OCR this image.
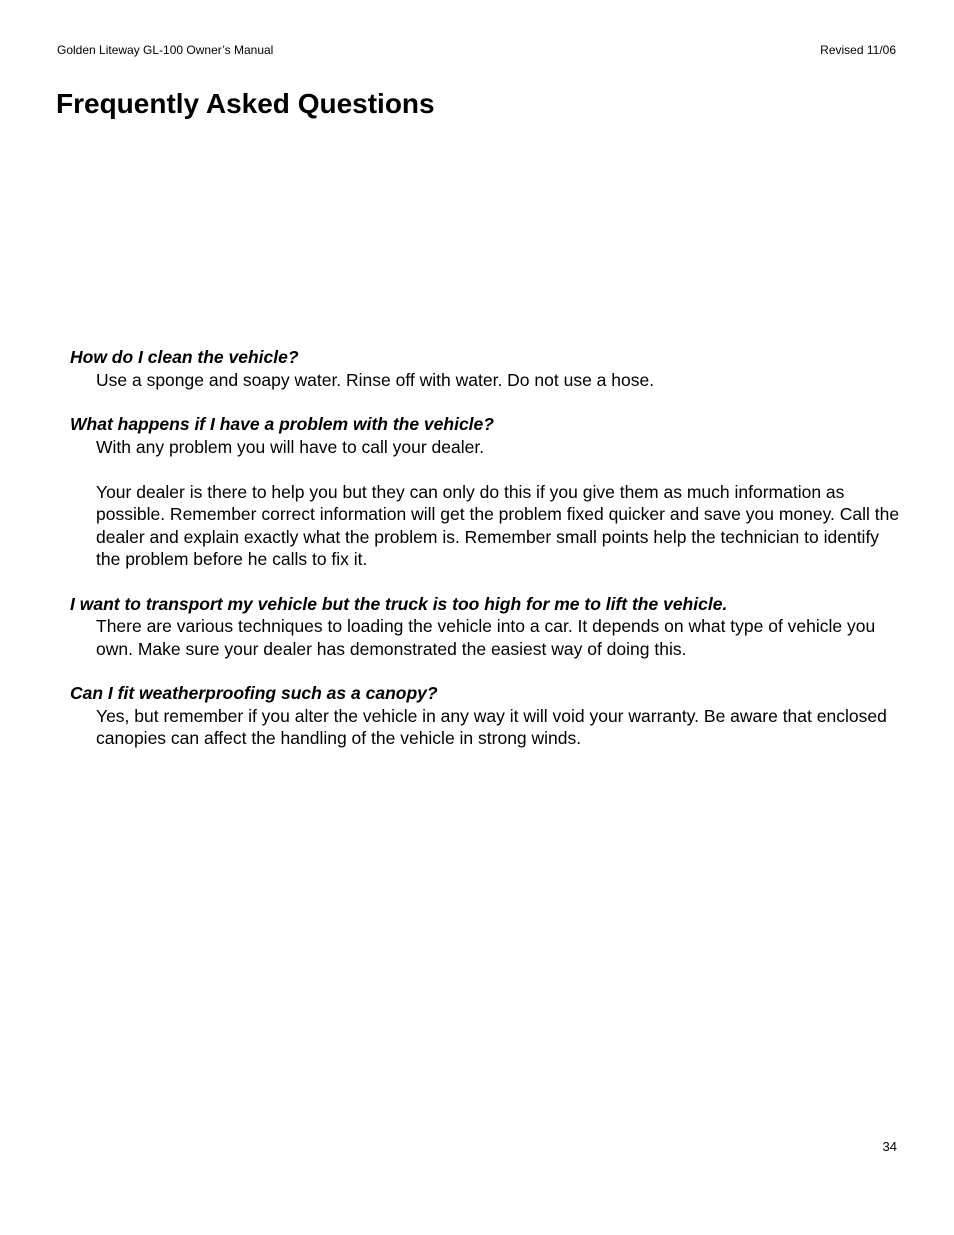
Golden Liteway GL-100 Owner’s Manual	Revised 11/06
Frequently Asked Questions
How do I clean the vehicle?

Use a sponge and soapy water. Rinse off with water. Do not use a hose.

What happens if I have a problem with the vehicle?

With any problem you will have to call your dealer.

Your dealer is there to help you but they can only do this if you give them as much information as possible. Remember correct information will get the problem fixed quicker and save you money. Call the dealer and explain exactly what the problem is. Remember small points help the technician to identify the problem before he calls to fix it.

I want to transport my vehicle but the truck is too high for me to lift the vehicle.

There are various techniques to loading the vehicle into a car. It depends on what type of vehicle you own. Make sure your dealer has demonstrated the easiest way of doing this.

Can I fit weatherproofing such as a canopy?

Yes, but remember if you alter the vehicle in any way it will void your warranty. Be aware that enclosed canopies can affect the handling of the vehicle in strong winds.

34
